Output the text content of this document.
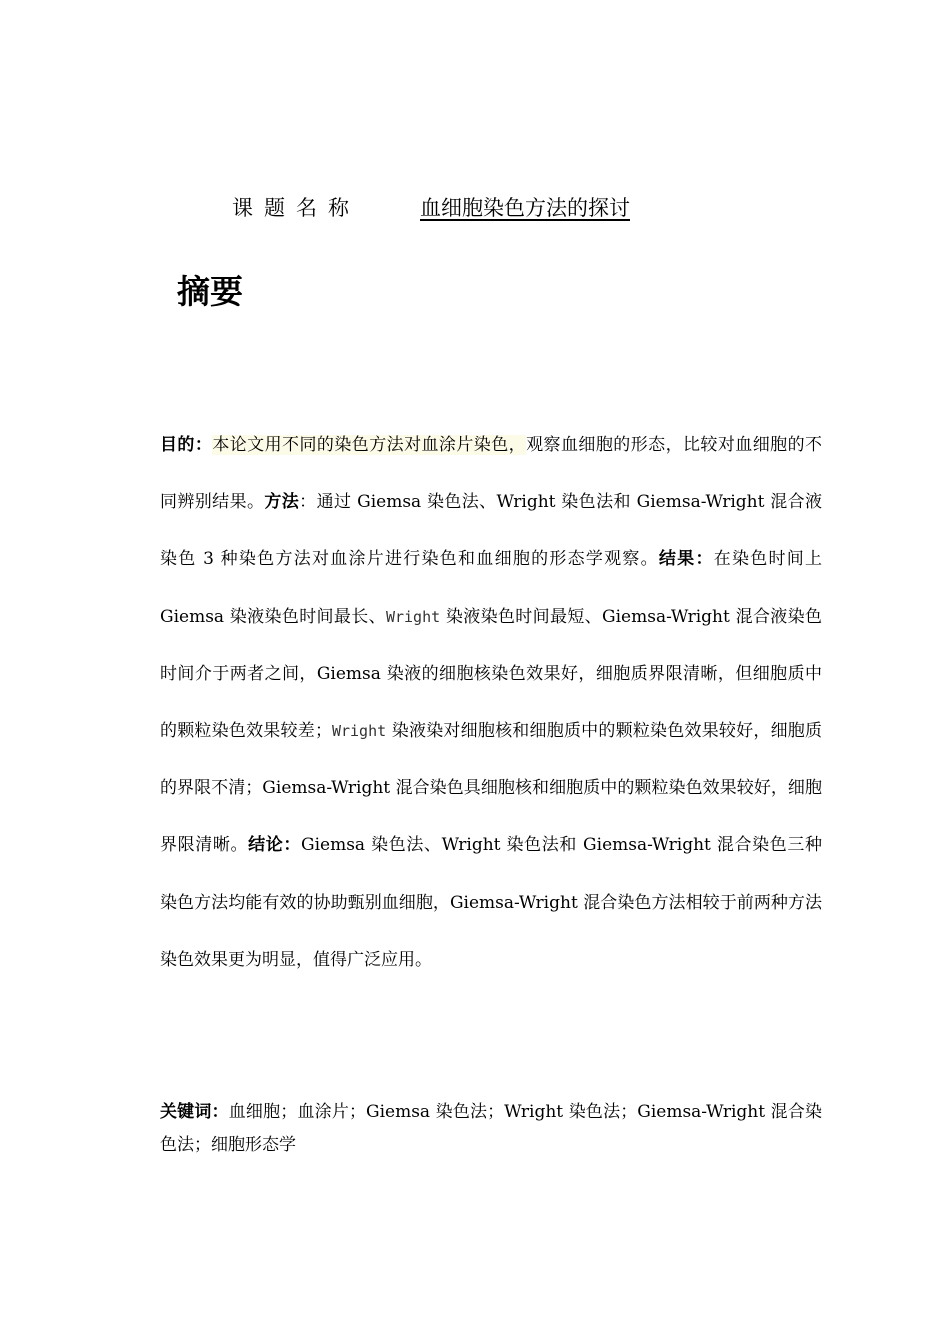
课题名称	血细胞染色方法的探讨
摘要
目的：本论文用不同的染色方法对血涂片染色，观察血细胞的形态，比较对血细胞的不同辨别结果。方法：通过 Giemsa 染色法、Wright 染色法和 Giemsa-Wright 混合液染色 3 种染色方法对血涂片进行染色和血细胞的形态学观察。结果：在染色时间上 Giemsa 染液染色时间最长、Wright 染液染色时间最短、Giemsa-Wright 混合液染色时间介于两者之间，Giemsa 染液的细胞核染色效果好，细胞质界限清晰，但细胞质中的颗粒染色效果较差；Wright 染液染对细胞核和细胞质中的颗粒染色效果较好，细胞质的界限不清；Giemsa-Wright 混合染色具细胞核和细胞质中的颗粒染色效果较好，细胞界限清晰。结论：Giemsa 染色法、Wright 染色法和 Giemsa-Wright 混合染色三种染色方法均能有效的协助甄别血细胞，Giemsa-Wright 混合染色方法相较于前两种方法染色效果更为明显，值得广泛应用。
关键词：血细胞；血涂片；Giemsa 染色法；Wright 染色法；Giemsa-Wright 混合染色法；细胞形态学
